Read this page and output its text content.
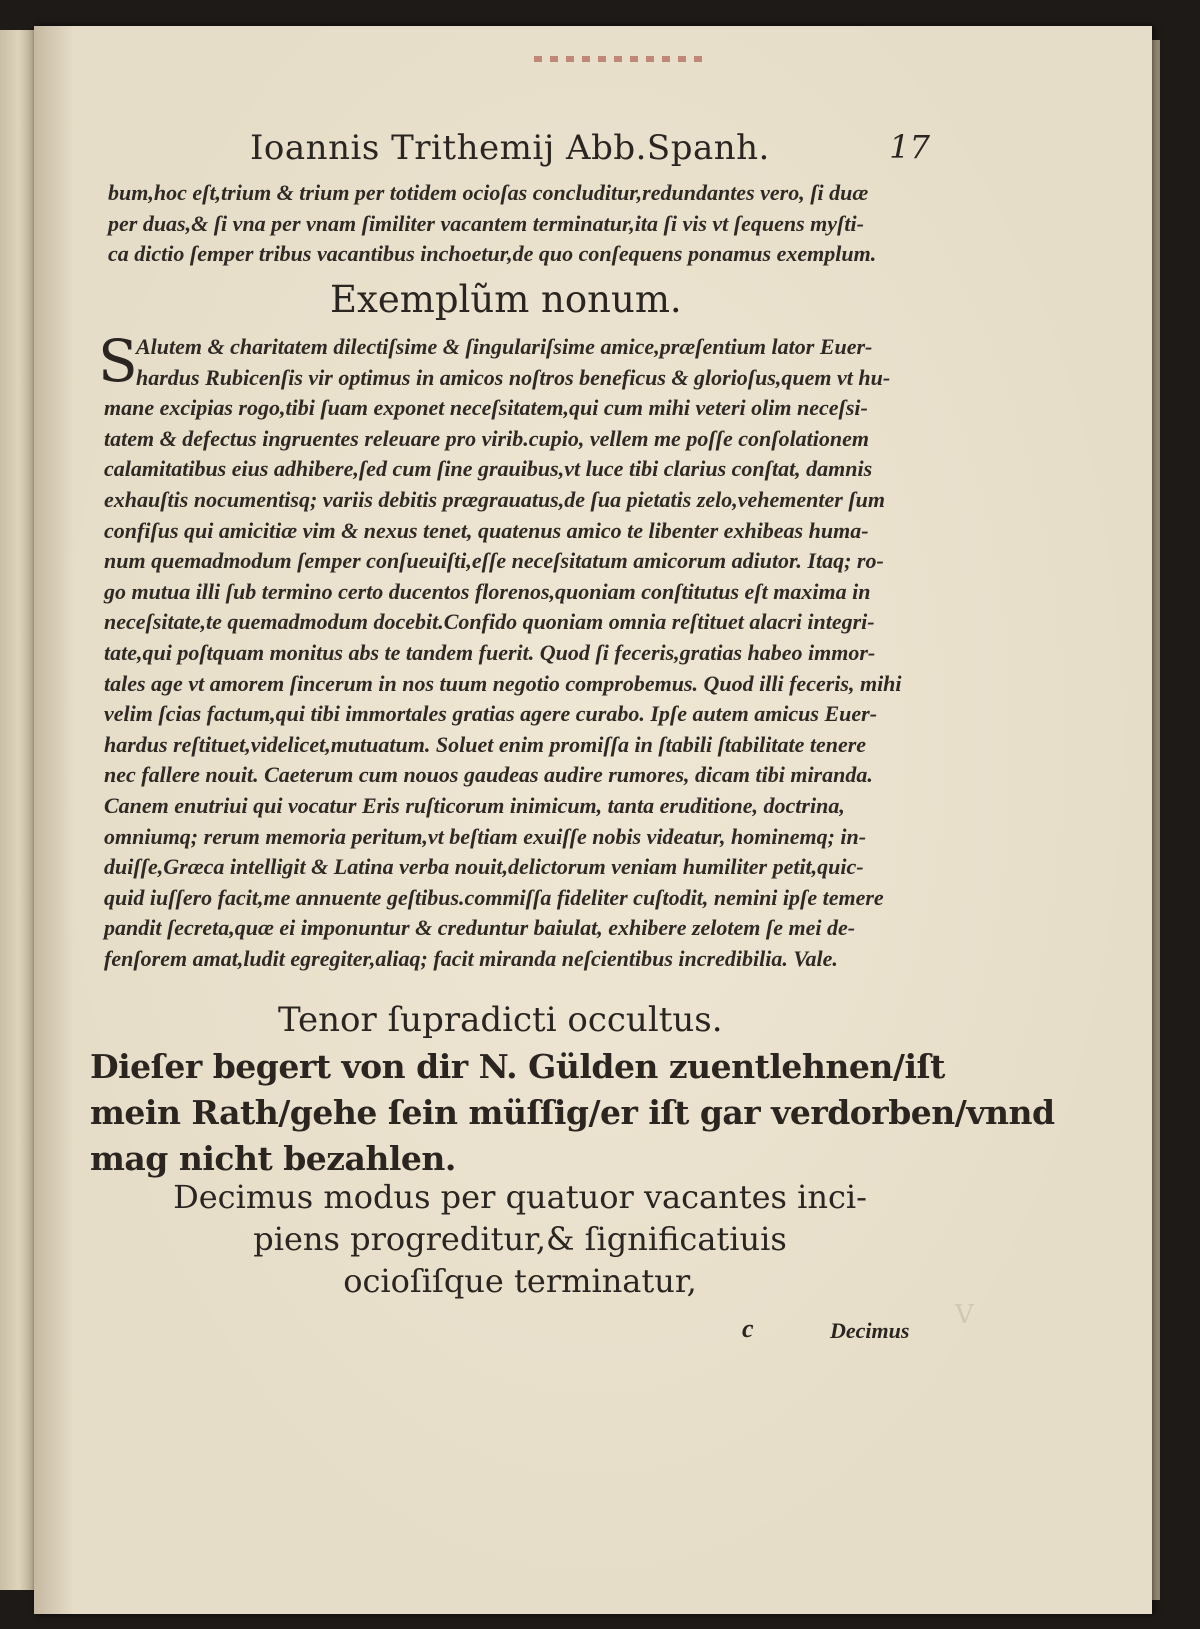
V
Ioannis Trithemij Abb.Spanh.	17
bum,hoc eſt,trium & trium per totidem ocioſas concluditur,redundantes vero, ſi duæ
per duas,& ſi vna per vnam ſimiliter vacantem terminatur,ita ſi vis vt ſequens myſti-
ca dictio ſemper tribus vacantibus inchoetur,de quo conſequens ponamus exemplum.
Exemplũm nonum.
S
Alutem & charitatem dilectiſsime & ſingulariſsime amice,præſentium lator Euer-
hardus Rubicenſis vir optimus in amicos noſtros beneficus & glorioſus,quem vt hu-
mane excipias rogo,tibi ſuam exponet neceſsitatem,qui cum mihi veteri olim neceſsi-
tatem & defectus ingruentes releuare pro virib.cupio, vellem me poſſe conſolationem
calamitatibus eius adhibere,ſed cum ſine grauibus,vt luce tibi clarius conſtat, damnis
exhauſtis nocumentisq; variis debitis prægrauatus,de ſua pietatis zelo,vehementer ſum
confiſus qui amicitiæ vim & nexus tenet, quatenus amico te libenter exhibeas huma-
num quemadmodum ſemper conſueuiſti,eſſe neceſsitatum amicorum adiutor. Itaq; ro-
go mutua illi ſub termino certo ducentos florenos,quoniam conſtitutus eſt maxima in
neceſsitate,te quemadmodum docebit.Confido quoniam omnia reſtituet alacri integri-
tate,qui poſtquam monitus abs te tandem fuerit. Quod ſi feceris,gratias habeo immor-
tales age vt amorem ſincerum in nos tuum negotio comprobemus. Quod illi feceris, mihi
velim ſcias factum,qui tibi immortales gratias agere curabo. Ipſe autem amicus Euer-
hardus reſtituet,videlicet,mutuatum. Soluet enim promiſſa in ſtabili ſtabilitate tenere
nec fallere nouit. Caeterum cum nouos gaudeas audire rumores, dicam tibi miranda.
Canem enutriui qui vocatur Eris ruſticorum inimicum, tanta eruditione, doctrina,
omniumq; rerum memoria peritum,vt beſtiam exuiſſe nobis videatur, hominemq; in-
duiſſe,Græca intelligit & Latina verba nouit,delictorum veniam humiliter petit,quic-
quid iuſſero facit,me annuente geſtibus.commiſſa fideliter cuſtodit, nemini ipſe temere
pandit ſecreta,quæ ei imponuntur & creduntur baiulat, exhibere zelotem ſe mei de-
fenſorem amat,ludit egregiter,aliaq; facit miranda neſcientibus incredibilia. Vale.
Tenor ſupradicti occultus.
Dieſer begert von dir N. Gülden zuentlehnen/iſt
mein Rath/gehe ſein müſſig/er iſt gar verdorben/vnnd
mag nicht bezahlen.
Decimus modus per quatuor vacantes inci-
piens progreditur,& ſignificatiuis
ocioſiſque terminatur,
c	Decimus
